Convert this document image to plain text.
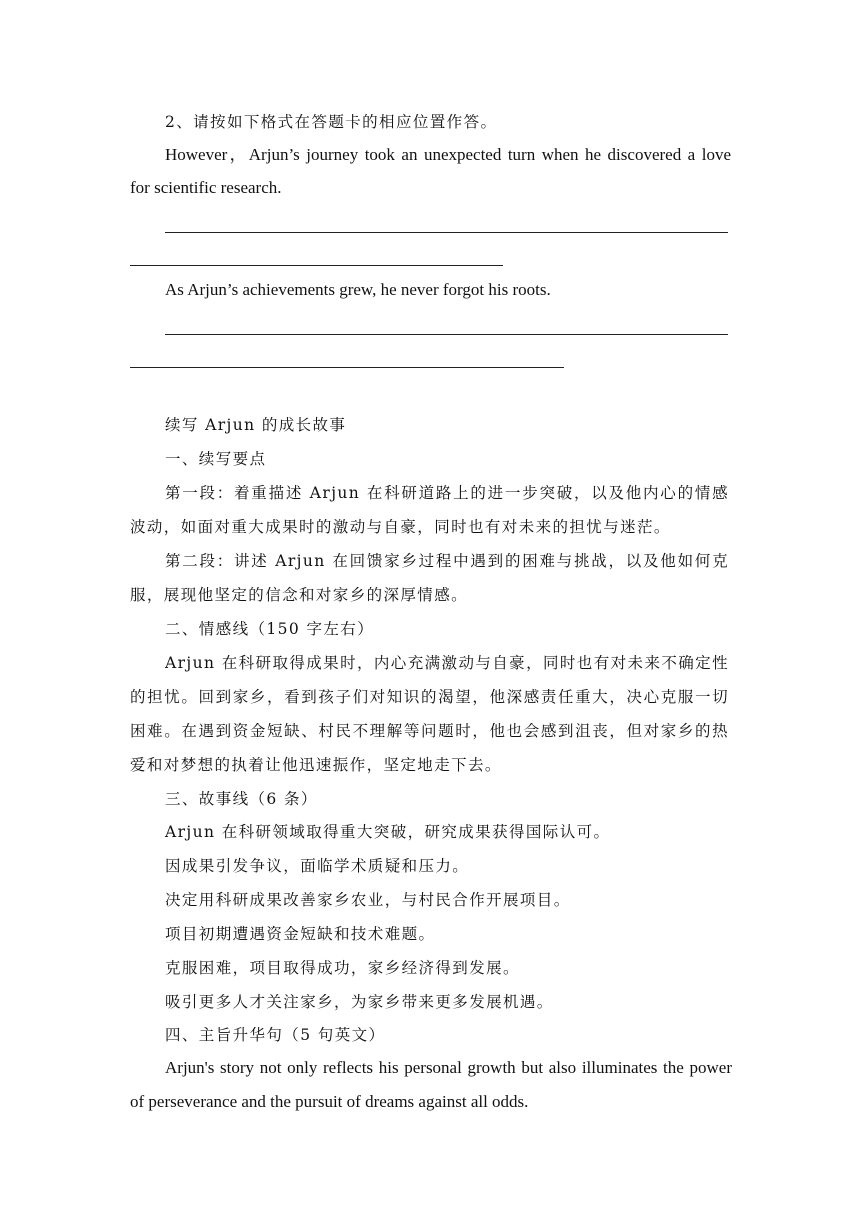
2、请按如下格式在答题卡的相应位置作答。
However，Arjun’s journey took an unexpected turn when he discovered a love
for scientific research.
As Arjun’s achievements grew, he never forgot his roots.
续写 Arjun 的成长故事
一、续写要点
第一段：着重描述 Arjun 在科研道路上的进一步突破，以及他内心的情感
波动，如面对重大成果时的激动与自豪，同时也有对未来的担忧与迷茫。
第二段：讲述 Arjun 在回馈家乡过程中遇到的困难与挑战，以及他如何克
服，展现他坚定的信念和对家乡的深厚情感。
二、情感线（150 字左右）
Arjun 在科研取得成果时，内心充满激动与自豪，同时也有对未来不确定性
的担忧。回到家乡，看到孩子们对知识的渴望，他深感责任重大，决心克服一切
困难。在遇到资金短缺、村民不理解等问题时，他也会感到沮丧，但对家乡的热
爱和对梦想的执着让他迅速振作，坚定地走下去。
三、故事线（6 条）
Arjun 在科研领域取得重大突破，研究成果获得国际认可。
因成果引发争议，面临学术质疑和压力。
决定用科研成果改善家乡农业，与村民合作开展项目。
项目初期遭遇资金短缺和技术难题。
克服困难，项目取得成功，家乡经济得到发展。
吸引更多人才关注家乡，为家乡带来更多发展机遇。
四、主旨升华句（5 句英文）
Arjun's story not only reflects his personal growth but also illuminates the power
of perseverance and the pursuit of dreams against all odds.
